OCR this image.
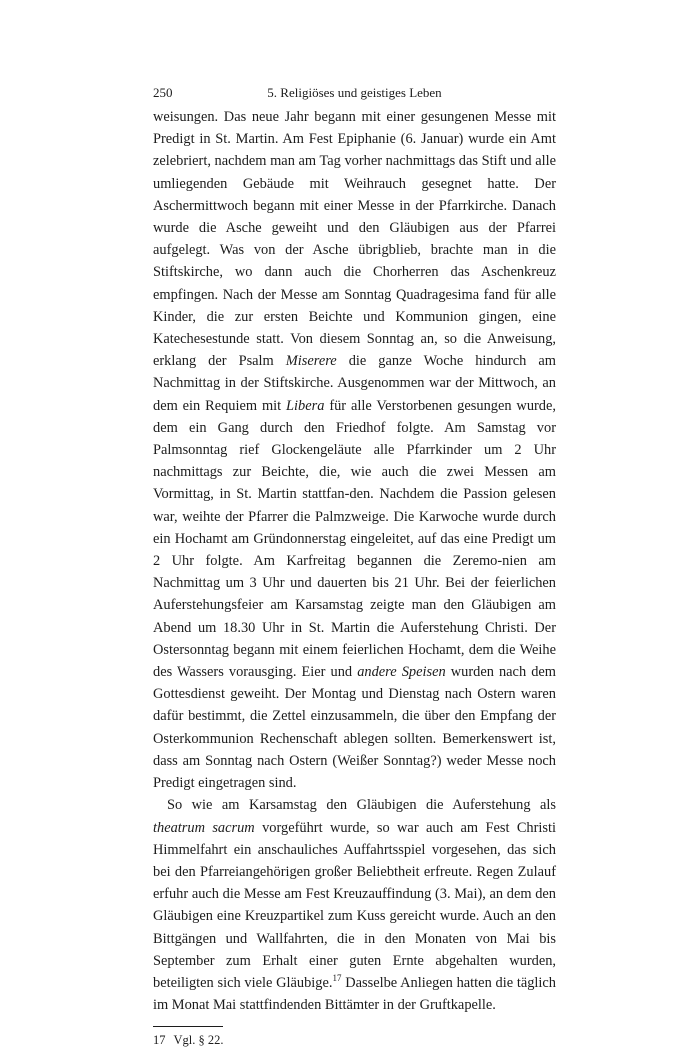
250	5. Religiöses und geistiges Leben

weisungen. Das neue Jahr begann mit einer gesungenen Messe mit Predigt in St. Martin. Am Fest Epiphanie (6. Januar) wurde ein Amt zelebriert, nachdem man am Tag vorher nachmittags das Stift und alle umliegenden Gebäude mit Weihrauch gesegnet hatte. Der Aschermittwoch begann mit einer Messe in der Pfarrkirche. Danach wurde die Asche geweiht und den Gläubigen aus der Pfarrei aufgelegt. Was von der Asche übrigblieb, brachte man in die Stiftskirche, wo dann auch die Chorherren das Aschenkreuz empfingen. Nach der Messe am Sonntag Quadragesima fand für alle Kinder, die zur ersten Beichte und Kommunion gingen, eine Katechesestunde statt. Von diesem Sonntag an, so die Anweisung, erklang der Psalm Miserere die ganze Woche hindurch am Nachmittag in der Stiftskirche. Ausgenommen war der Mittwoch, an dem ein Requiem mit Libera für alle Verstorbenen gesungen wurde, dem ein Gang durch den Friedhof folgte. Am Samstag vor Palmsonntag rief Glockengeläute alle Pfarrkinder um 2 Uhr nachmittags zur Beichte, die, wie auch die zwei Messen am Vormittag, in St. Martin stattfan-den. Nachdem die Passion gelesen war, weihte der Pfarrer die Palmzweige. Die Karwoche wurde durch ein Hochamt am Gründonnerstag eingeleitet, auf das eine Predigt um 2 Uhr folgte. Am Karfreitag begannen die Zeremo-nien am Nachmittag um 3 Uhr und dauerten bis 21 Uhr. Bei der feierlichen Auferstehungsfeier am Karsamstag zeigte man den Gläubigen am Abend um 18.30 Uhr in St. Martin die Auferstehung Christi. Der Ostersonntag begann mit einem feierlichen Hochamt, dem die Weihe des Wassers vorausging. Eier und andere Speisen wurden nach dem Gottesdienst geweiht. Der Montag und Dienstag nach Ostern waren dafür bestimmt, die Zettel einzusammeln, die über den Empfang der Osterkommunion Rechenschaft ablegen sollten. Bemerkenswert ist, dass am Sonntag nach Ostern (Weißer Sonntag?) weder Messe noch Predigt eingetragen sind.

So wie am Karsamstag den Gläubigen die Auferstehung als theatrum sacrum vorgeführt wurde, so war auch am Fest Christi Himmelfahrt ein anschauliches Auffahrtsspiel vorgesehen, das sich bei den Pfarreiangehörigen großer Beliebtheit erfreute. Regen Zulauf erfuhr auch die Messe am Fest Kreuzauffindung (3. Mai), an dem den Gläubigen eine Kreuzpartikel zum Kuss gereicht wurde. Auch an den Bittgängen und Wallfahrten, die in den Monaten von Mai bis September zum Erhalt einer guten Ernte abgehalten wurden, beteiligten sich viele Gläubige.$^{17}$ Dasselbe Anliegen hatten die täglich im Monat Mai stattfindenden Bittämter in der Gruftkapelle.

17 Vgl. § 22.
